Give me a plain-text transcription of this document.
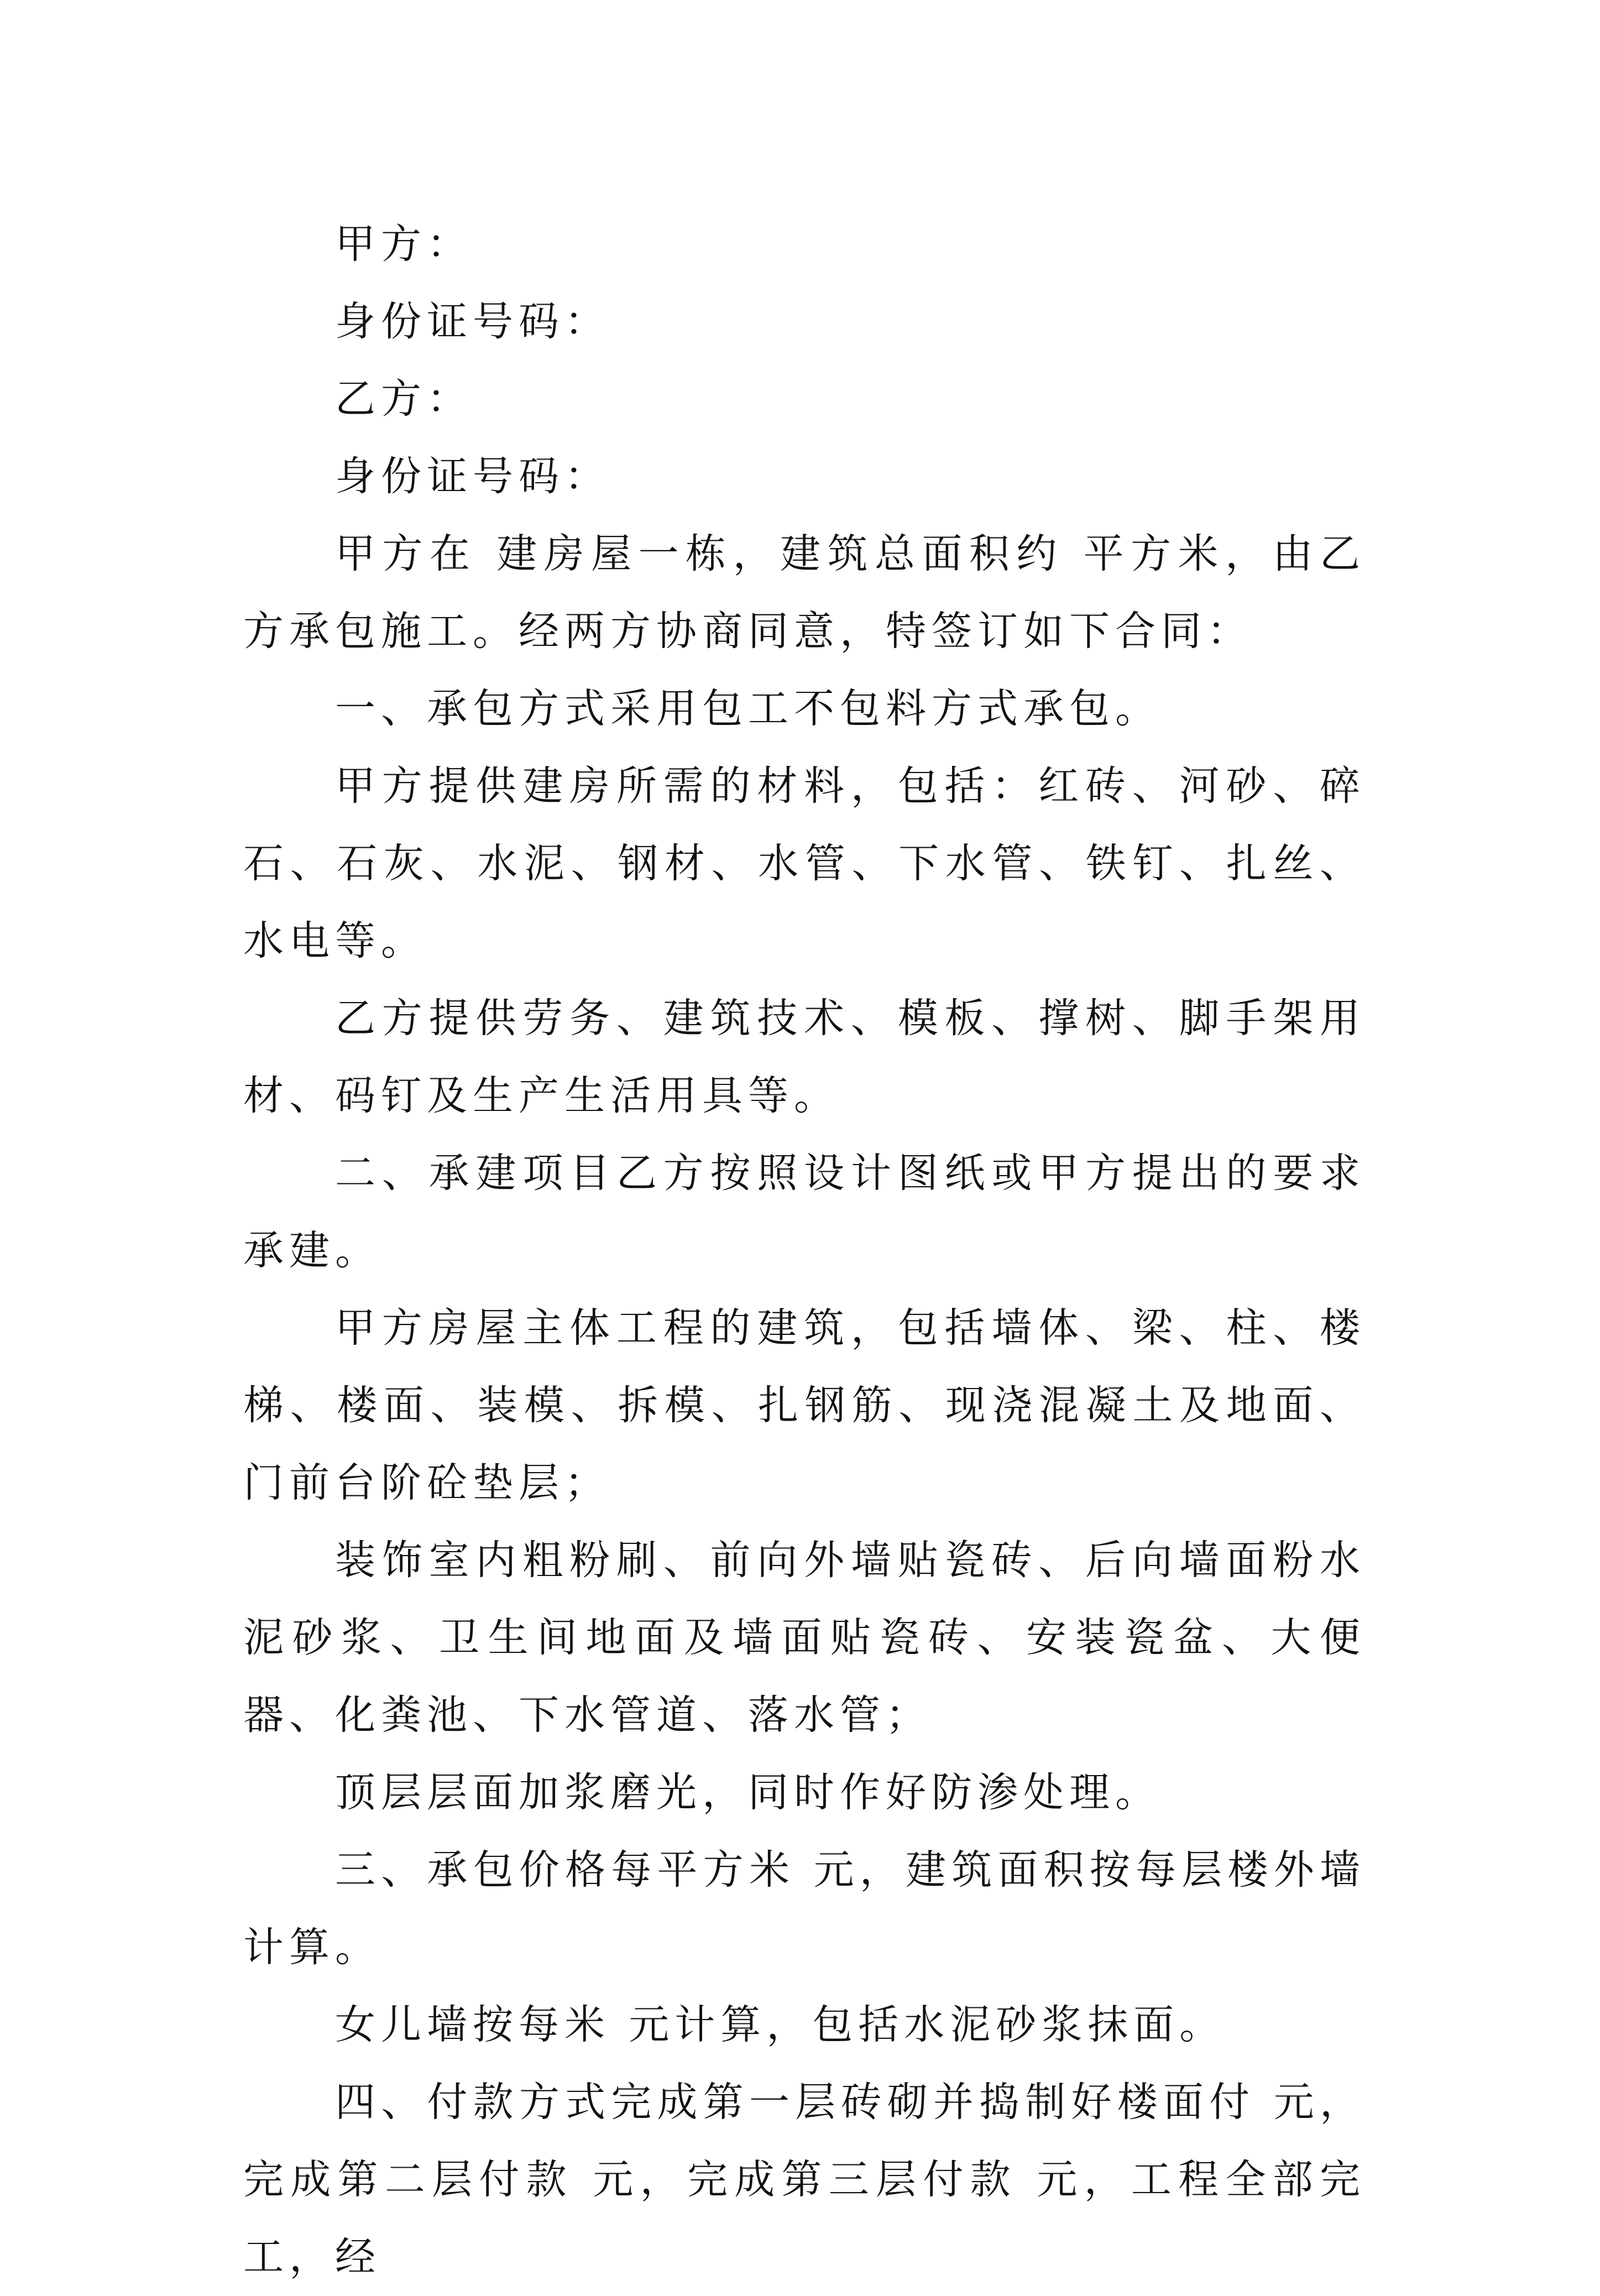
甲方：

身份证号码：

乙方：

身份证号码：

甲方在 建房屋一栋，建筑总面积约 平方米，由乙方承包施工。经两方协商同意，特签订如下合同：

一、承包方式采用包工不包料方式承包。

甲方提供建房所需的材料，包括：红砖、河砂、碎石、石灰、水泥、钢材、水管、下水管、铁钉、扎丝、水电等。

乙方提供劳务、建筑技术、模板、撑树、脚手架用材、码钉及生产生活用具等。

二、承建项目乙方按照设计图纸或甲方提出的要求承建。

甲方房屋主体工程的建筑，包括墙体、梁、柱、楼梯、楼面、装模、拆模、扎钢筋、现浇混凝土及地面、门前台阶砼垫层；

装饰室内粗粉刷、前向外墙贴瓷砖、后向墙面粉水泥砂浆、卫生间地面及墙面贴瓷砖、安装瓷盆、大便器、化粪池、下水管道、落水管；

顶层层面加浆磨光，同时作好防渗处理。

三、承包价格每平方米 元，建筑面积按每层楼外墙计算。

女儿墙按每米 元计算，包括水泥砂浆抹面。

四、付款方式完成第一层砖砌并捣制好楼面付 元，完成第二层付款 元，完成第三层付款 元，工程全部完工，经
